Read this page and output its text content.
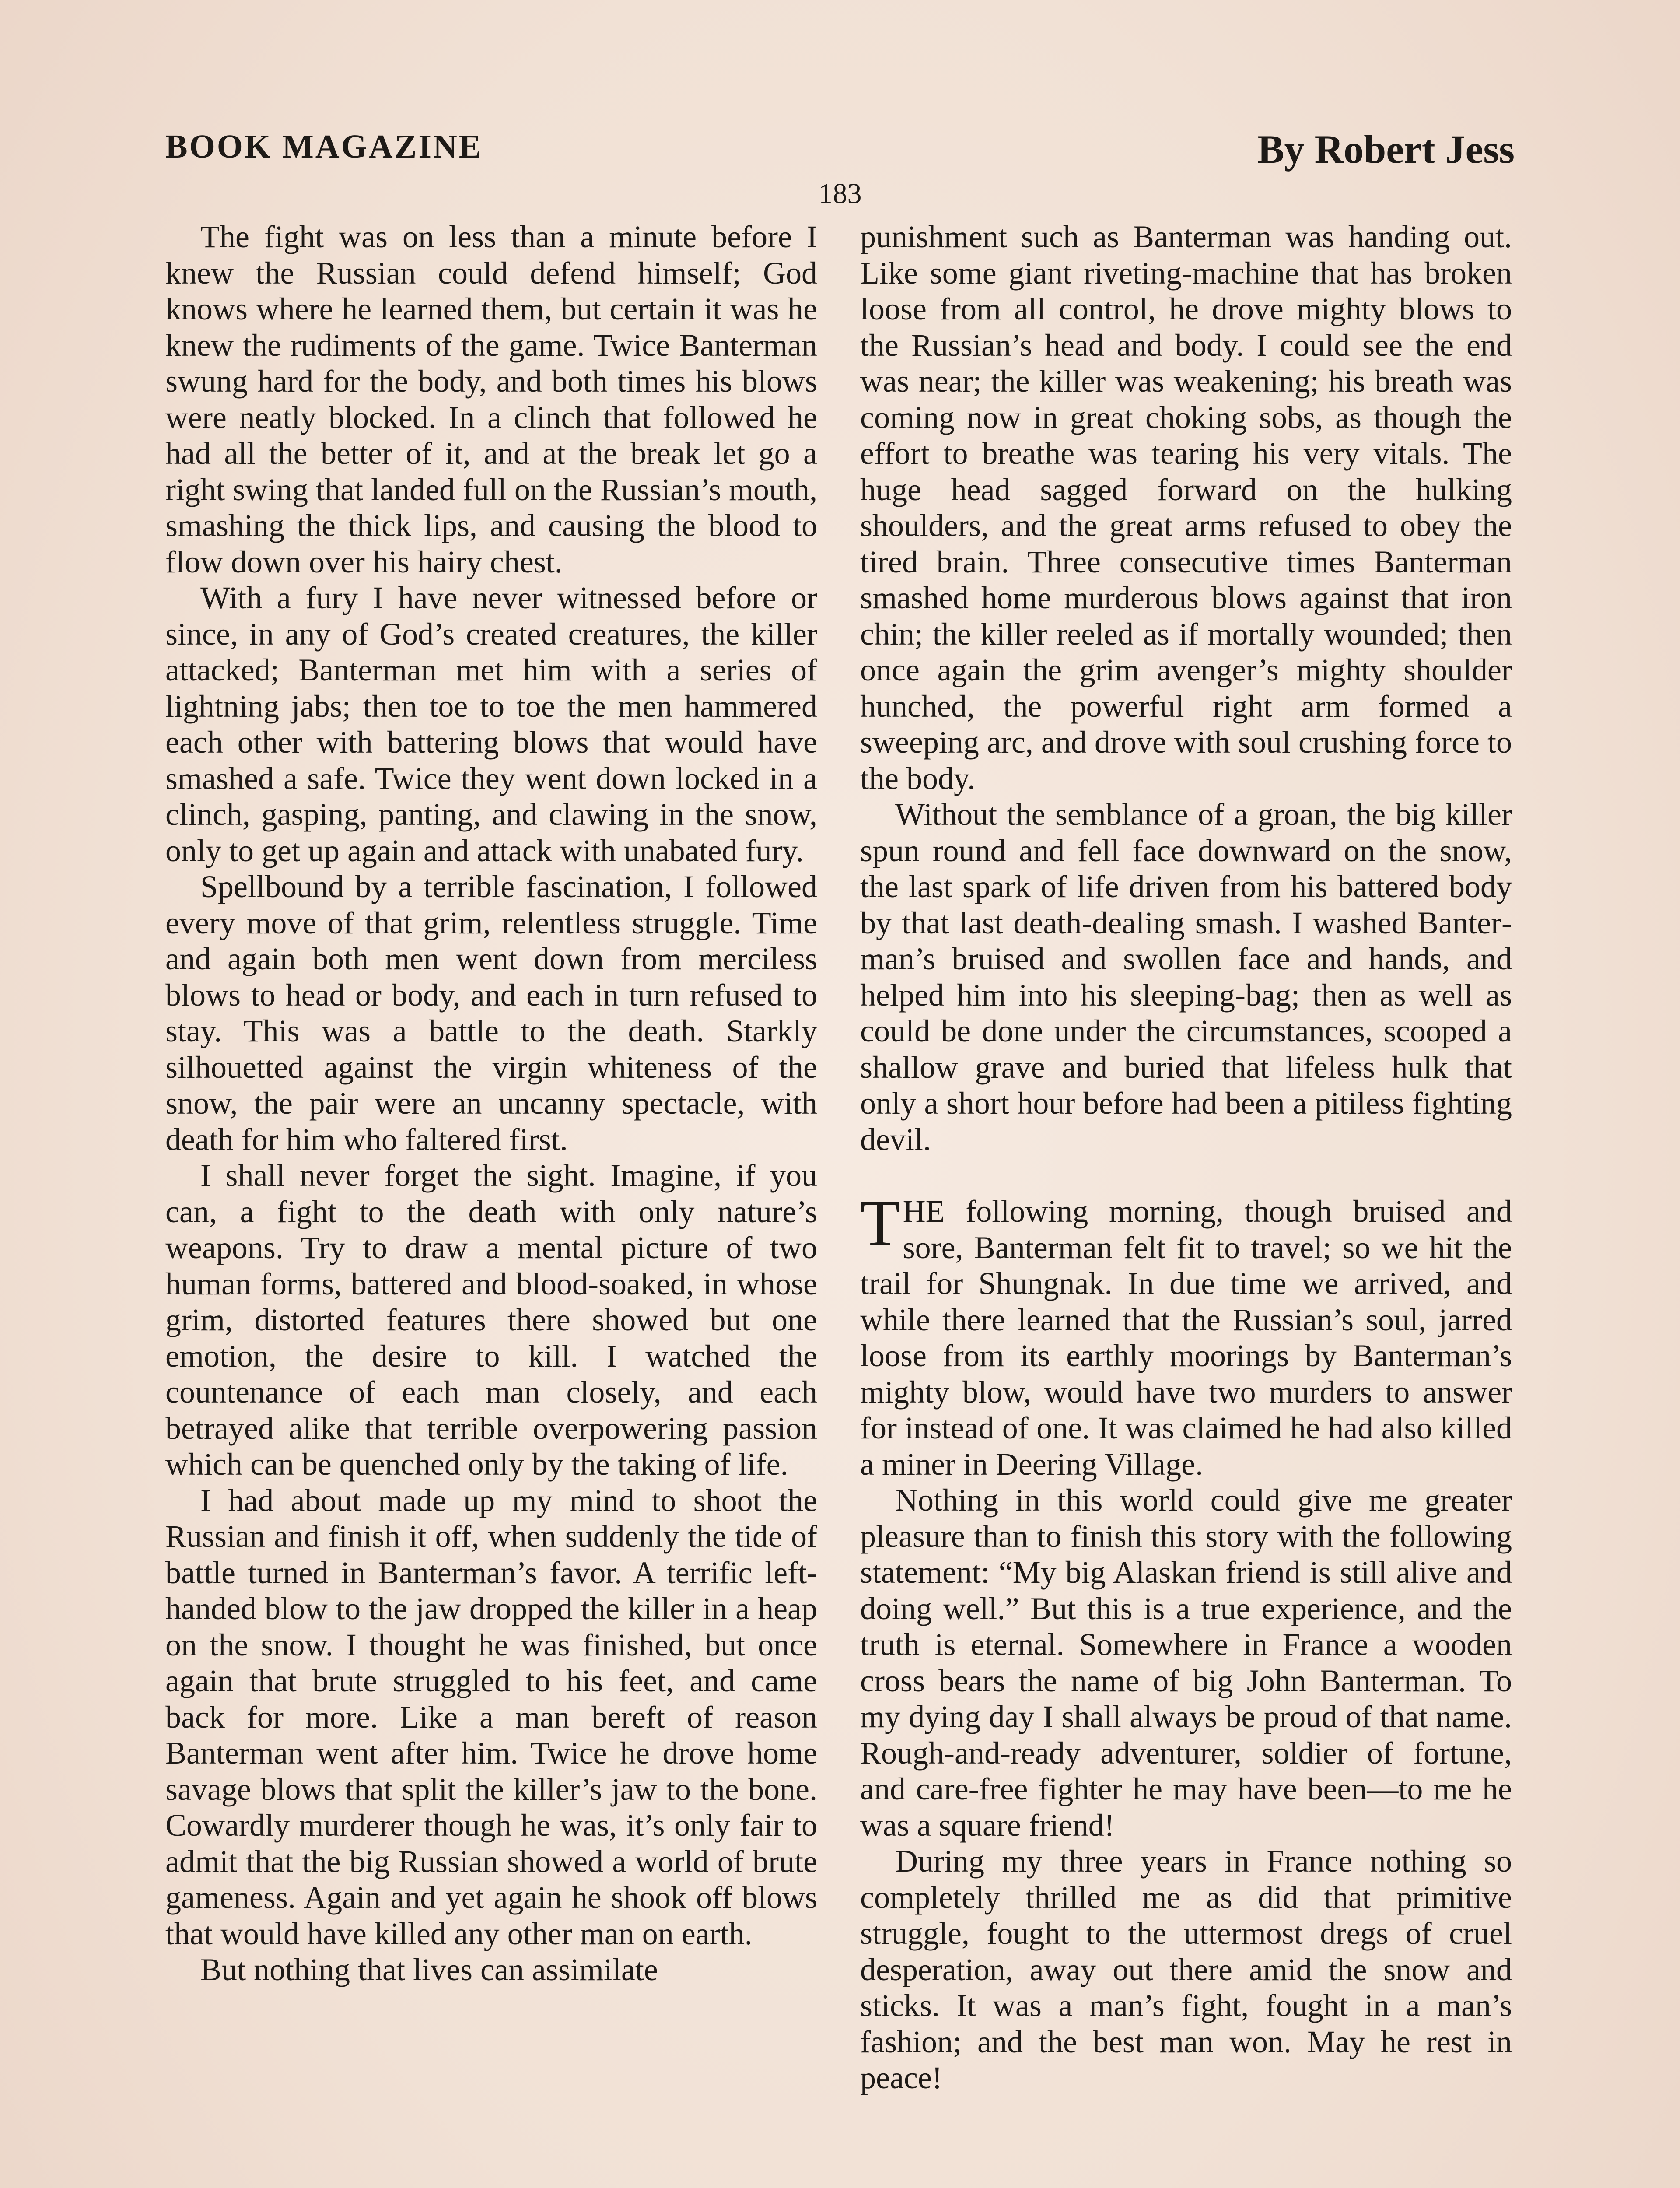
BOOK MAGAZINE	By Robert Jess
183

The fight was on less than a minute before I knew the Russian could defend himself; God knows where he learned them, but certain it was he knew the rudiments of the game. Twice Banterman swung hard for the body, and both times his blows were neatly blocked. In a clinch that followed he had all the better of it, and at the break let go a right swing that landed full on the Russian’s mouth, smashing the thick lips, and causing the blood to flow down over his hairy chest.

With a fury I have never witnessed before or since, in any of God’s created creatures, the killer attacked; Banterman met him with a series of lightning jabs; then toe to toe the men hammered each other with battering blows that would have smashed a safe. Twice they went down locked in a clinch, gasping, panting, and clawing in the snow, only to get up again and attack with unabated fury.

Spellbound by a terrible fascination, I followed every move of that grim, relentless struggle. Time and again both men went down from merciless blows to head or body, and each in turn refused to stay. This was a battle to the death. Starkly silhouetted against the virgin whiteness of the snow, the pair were an uncanny spectacle, with death for him who faltered first.

I shall never forget the sight. Imagine, if you can, a fight to the death with only nature’s weapons. Try to draw a mental picture of two human forms, battered and blood-soaked, in whose grim, distorted features there showed but one emotion, the desire to kill. I watched the countenance of each man closely, and each betrayed alike that terrible overpowering passion which can be quenched only by the taking of life.

I had about made up my mind to shoot the Russian and finish it off, when suddenly the tide of battle turned in Banterman’s favor. A terrific left-handed blow to the jaw dropped the killer in a heap on the snow. I thought he was finished, but once again that brute struggled to his feet, and came back for more. Like a man bereft of reason Banterman went after him. Twice he drove home savage blows that split the killer’s jaw to the bone. Cowardly murderer though he was, it’s only fair to admit that the big Russian showed a world of brute gameness. Again and yet again he shook off blows that would have killed any other man on earth.

But nothing that lives can assimilate

punishment such as Banterman was handing out. Like some giant riveting-machine that has broken loose from all control, he drove mighty blows to the Russian’s head and body. I could see the end was near; the killer was weakening; his breath was coming now in great choking sobs, as though the effort to breathe was tearing his very vitals. The huge head sagged forward on the hulking shoulders, and the great arms refused to obey the tired brain. Three consecutive times Banterman smashed home murderous blows against that iron chin; the killer reeled as if mortally wounded; then once again the grim avenger’s mighty shoulder hunched, the powerful right arm formed a sweeping arc, and drove with soul crushing force to the body.

Without the semblance of a groan, the big killer spun round and fell face downward on the snow, the last spark of life driven from his battered body by that last death-dealing smash. I washed Banterman’s bruised and swollen face and hands, and helped him into his sleeping-bag; then as well as could be done under the circumstances, scooped a shallow grave and buried that lifeless hulk that only a short hour before had been a pitiless fighting devil.

THE following morning, though bruised and sore, Banterman felt fit to travel; so we hit the trail for Shungnak. In due time we arrived, and while there learned that the Russian’s soul, jarred loose from its earthly moorings by Banterman’s mighty blow, would have two murders to answer for instead of one. It was claimed he had also killed a miner in Deering Village.

Nothing in this world could give me greater pleasure than to finish this story with the following statement: “My big Alaskan friend is still alive and doing well.” But this is a true experience, and the truth is eternal. Somewhere in France a wooden cross bears the name of big John Banterman. To my dying day I shall always be proud of that name. Rough-and-ready adventurer, soldier of fortune, and care-free fighter he may have been—to me he was a square friend!

During my three years in France nothing so completely thrilled me as did that primitive struggle, fought to the uttermost dregs of cruel desperation, away out there amid the snow and sticks. It was a man’s fight, fought in a man’s fashion; and the best man won. May he rest in peace!
